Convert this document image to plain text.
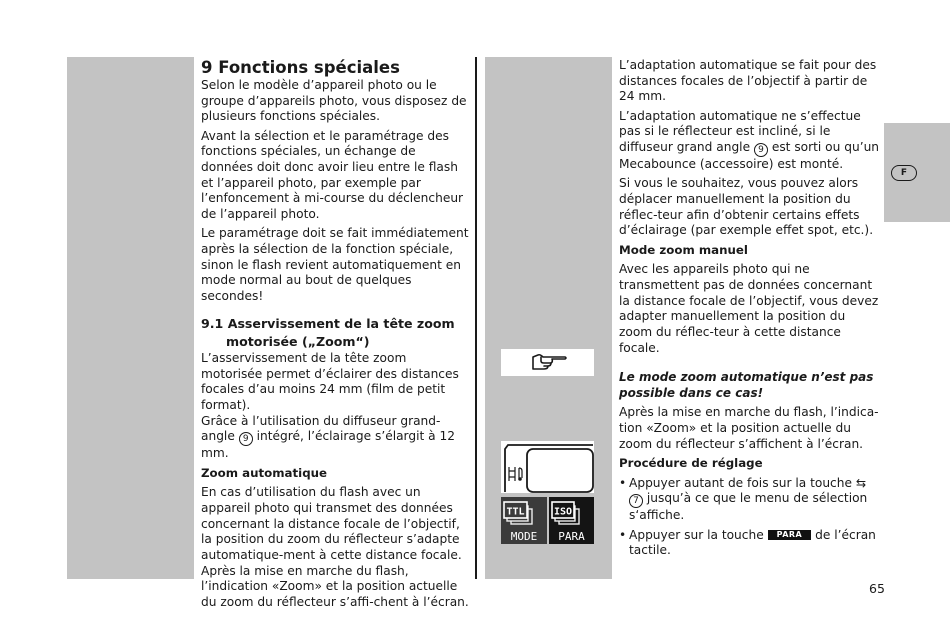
F
9 Fonctions spéciales

Selon le modèle d’appareil photo ou le groupe d’appareils photo, vous disposez de plusieurs fonctions spéciales.

Avant la sélection et le paramétrage des fonctions spéciales, un échange de données doit donc avoir lieu entre le flash et l’appareil photo, par exemple par l’enfoncement à mi-course du déclencheur de l’appareil photo.

Le paramétrage doit se fait immédiatement après la sélection de la fonction spéciale, sinon le flash revient automatiquement en mode normal au bout de quelques secondes!

9.1 Asservissement de la tête zoom
motorisée („Zoom“)

L’asservissement de la tête zoom motorisée permet d’éclairer des distances focales d’au moins 24 mm (film de petit format).

Grâce à l’utilisation du diffuseur grand-angle 9 intégré, l’éclairage s’élargit à 12 mm.

Zoom automatique

En cas d’utilisation du flash avec un appareil photo qui transmet des données concernant la distance focale de l’objectif, la position du zoom du réflecteur s’adapte automatique-ment à cette distance focale. Après la mise en marche du flash, l’indication «Zoom» et la position actuelle du zoom du réflecteur s’affi-chent à l’écran.

L’adaptation automatique se fait pour des distances focales de l’objectif à partir de 24 mm.

L’adaptation automatique ne s’effectue pas si le réflecteur est incliné, si le diffuseur grand angle 9 est sorti ou qu’un Mecabounce (accessoire) est monté.

Si vous le souhaitez, vous pouvez alors déplacer manuellement la position du réflec-teur afin d’obtenir certains effets d’éclairage (par exemple effet spot, etc.).

Mode zoom manuel

Avec les appareils photo qui ne transmettent pas de données concernant la distance focale de l’objectif, vous devez adapter manuellement la position du zoom du réflec-teur à cette distance focale.

Le mode zoom automatique n’est pas possible dans ce cas!

Après la mise en marche du flash, l’indica-tion «Zoom» et la position actuelle du zoom du réflecteur s’affichent à l’écran.

Procédure de réglage

• Appuyer autant de fois sur la touche ⇆ 7 jusqu’à ce que le menu de sélection s‘affiche.

• Appuyer sur la touche PARA de l’écran tactile.

TTL
MODE
ISO
PARA
65
